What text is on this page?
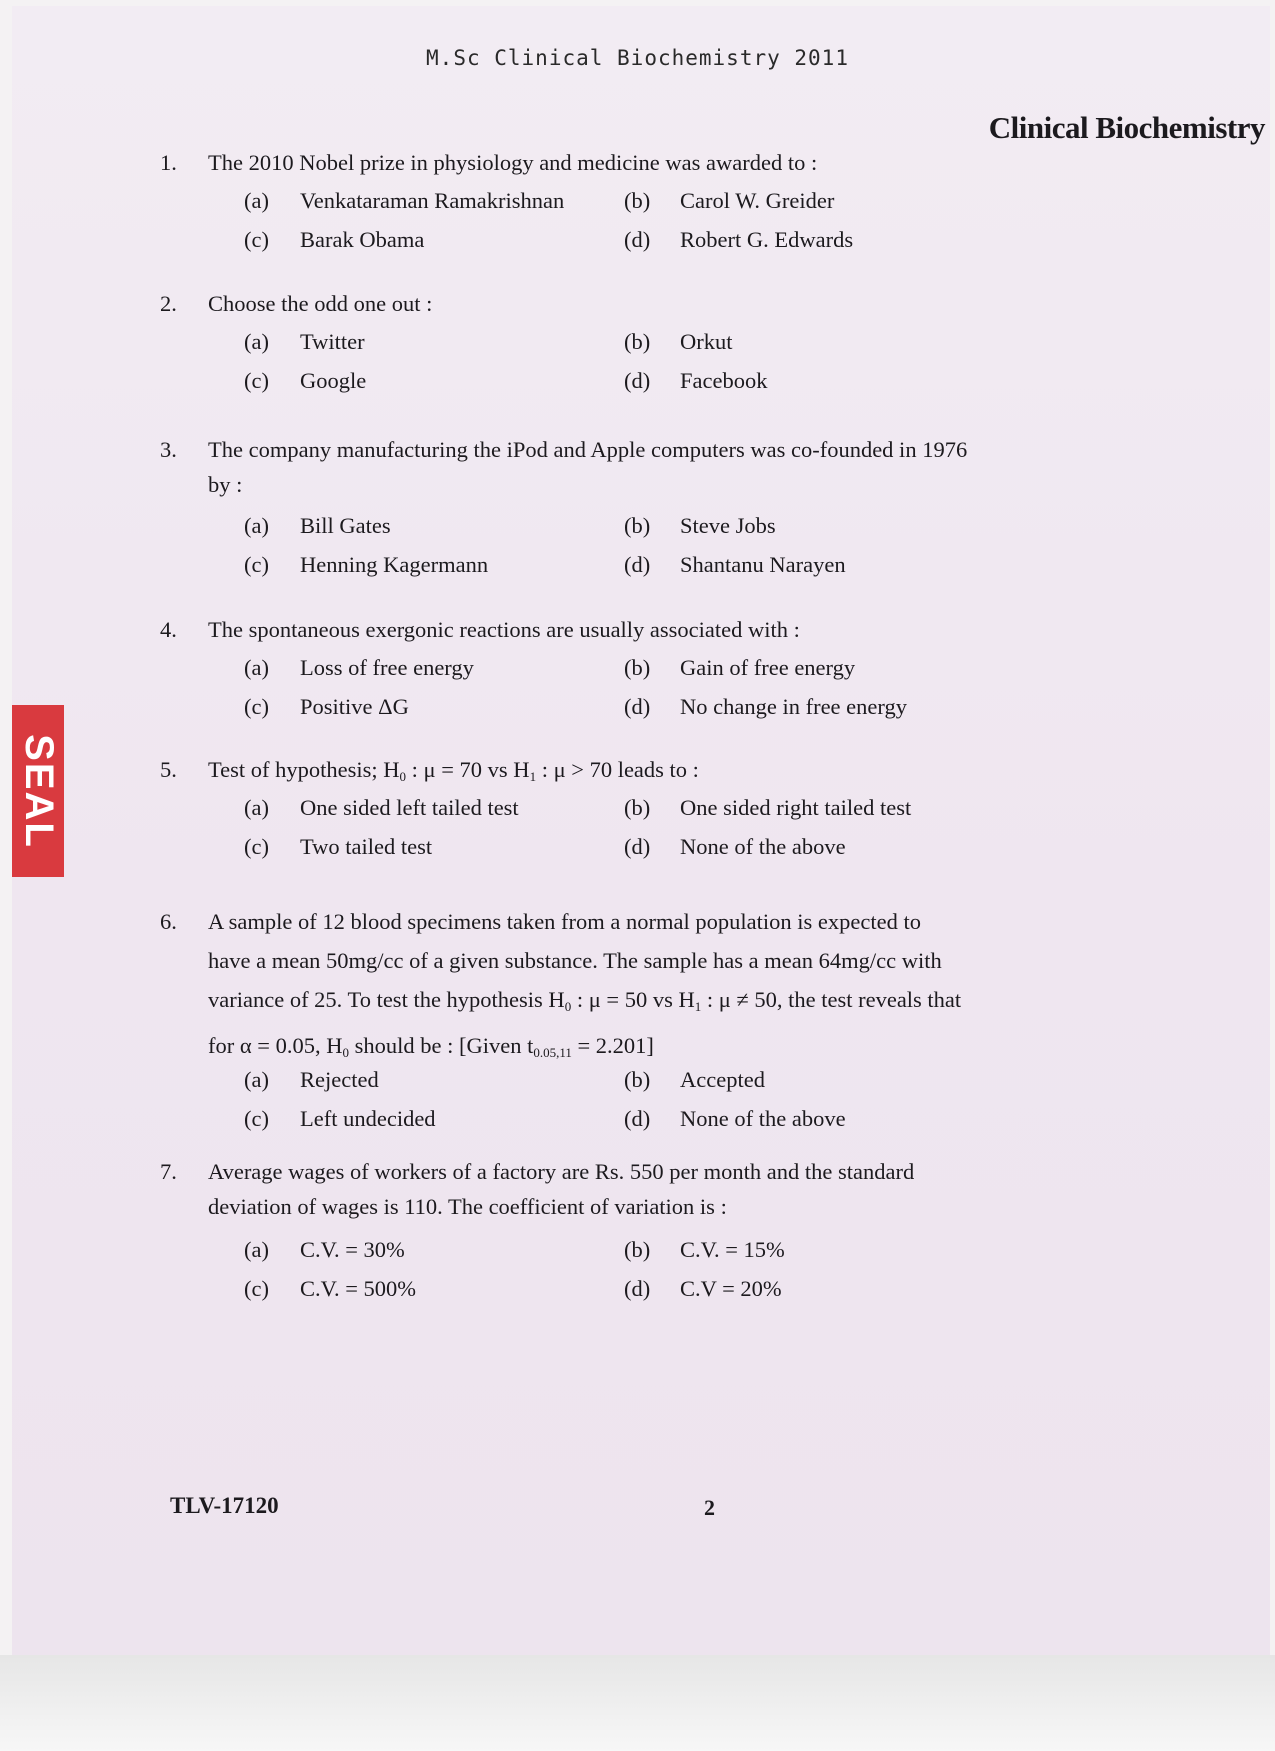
M.Sc Clinical Biochemistry 2011
Clinical Biochemistry
SEAL
1. The 2010 Nobel prize in physiology and medicine was awarded to :
(a)	Venkataraman Ramakrishnan	(b)	Carol W. Greider
(c)	Barak Obama	(d)	Robert G. Edwards
2. Choose the odd one out :
(a)	Twitter	(b)	Orkut
(c)	Google	(d)	Facebook
3. The company manufacturing the iPod and Apple computers was co-founded in 1976 by :
(a)	Bill Gates	(b)	Steve Jobs
(c)	Henning Kagermann	(d)	Shantanu Narayen
4. The spontaneous exergonic reactions are usually associated with :
(a)	Loss of free energy	(b)	Gain of free energy
(c)	Positive ΔG	(d)	No change in free energy
5. Test of hypothesis; $H_0$ : μ = 70 vs $H_1$ : μ > 70 leads to :
(a)	One sided left tailed test	(b)	One sided right tailed test
(c)	Two tailed test	(d)	None of the above
6. A sample of 12 blood specimens taken from a normal population is expected to
have a mean 50mg/cc of a given substance. The sample has a mean 64mg/cc with
variance of 25. To test the hypothesis $H_0$ : μ = 50 vs $H_1$ : μ ≠ 50, the test reveals that
for α = 0.05, $H_0$ should be : [Given $t_{0.05,11} = 2.201$]
(a)	Rejected	(b)	Accepted
(c)	Left undecided	(d)	None of the above
7. Average wages of workers of a factory are Rs. 550 per month and the standard
deviation of wages is 110. The coefficient of variation is :
(a)	C.V. = 30%	(b)	C.V. = 15%
(c)	C.V. = 500%	(d)	C.V = 20%
TLV-17120	2
